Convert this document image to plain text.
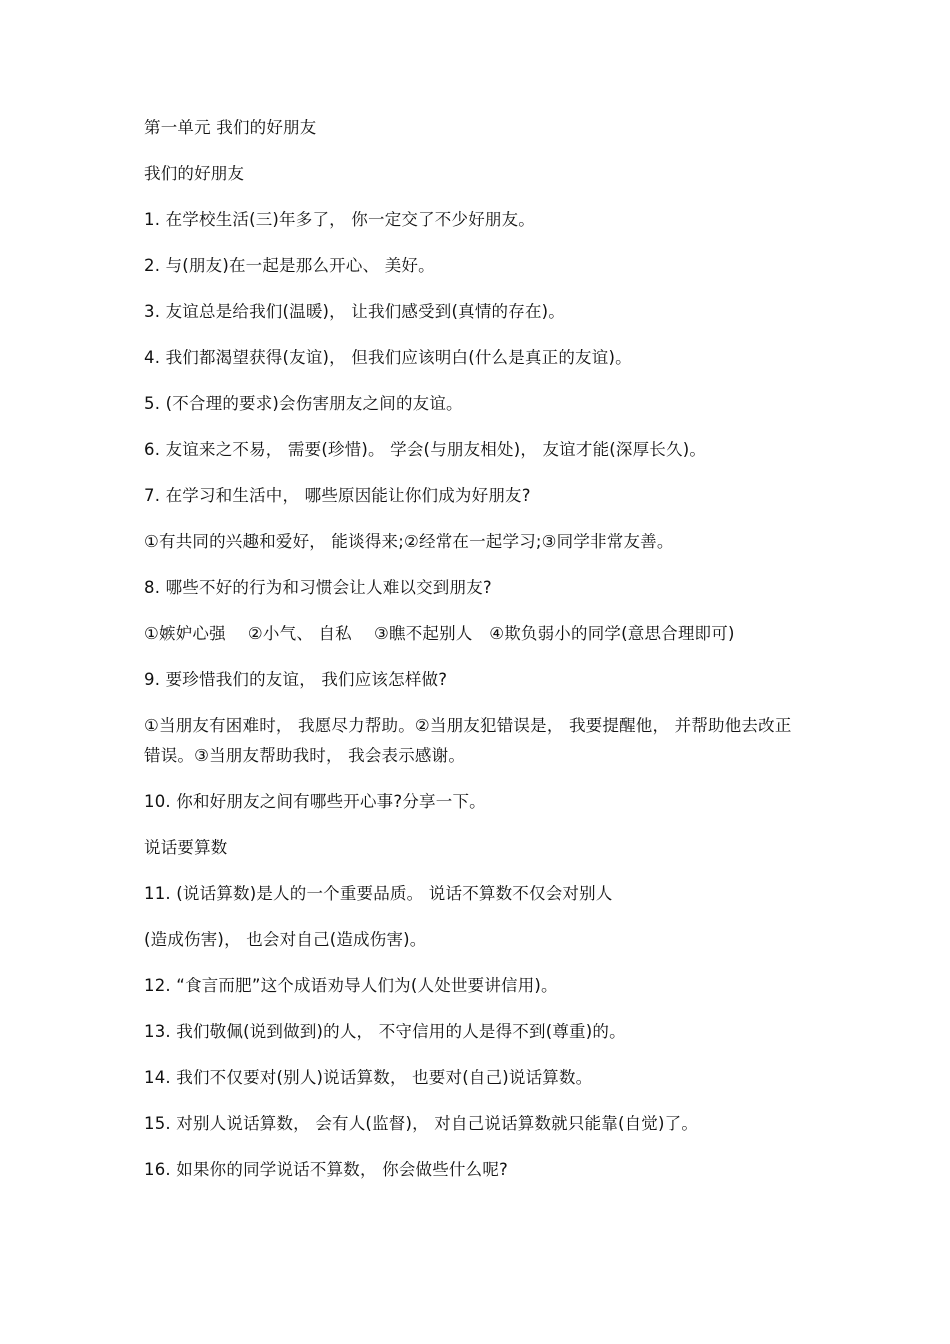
第一单元 我们的好朋友
我们的好朋友
1. 在学校生活(三)年多了， 你一定交了不少好朋友。
2. 与(朋友)在一起是那么开心、 美好。
3. 友谊总是给我们(温暖)， 让我们感受到(真情的存在)。
4. 我们都渴望获得(友谊)， 但我们应该明白(什么是真正的友谊)。
5. (不合理的要求)会伤害朋友之间的友谊。
6. 友谊来之不易， 需要(珍惜)。 学会(与朋友相处)， 友谊才能(深厚长久)。
7. 在学习和生活中， 哪些原因能让你们成为好朋友?
①有共同的兴趣和爱好， 能谈得来;②经常在一起学习;③同学非常友善。
8. 哪些不好的行为和习惯会让人难以交到朋友?
①嫉妒心强　 ②小气、 自私　 ③瞧不起别人　④欺负弱小的同学(意思合理即可)
9. 要珍惜我们的友谊， 我们应该怎样做?
①当朋友有困难时， 我愿尽力帮助。②当朋友犯错误是， 我要提醒他， 并帮助他去改正错误。③当朋友帮助我时， 我会表示感谢。
10. 你和好朋友之间有哪些开心事?分享一下。
说话要算数
11. (说话算数)是人的一个重要品质。 说话不算数不仅会对别人
(造成伤害)， 也会对自己(造成伤害)。
12. “食言而肥”这个成语劝导人们为(人处世要讲信用)。
13. 我们敬佩(说到做到)的人， 不守信用的人是得不到(尊重)的。
14. 我们不仅要对(别人)说话算数， 也要对(自己)说话算数。
15. 对别人说话算数， 会有人(监督)， 对自己说话算数就只能靠(自觉)了。
16. 如果你的同学说话不算数， 你会做些什么呢?
